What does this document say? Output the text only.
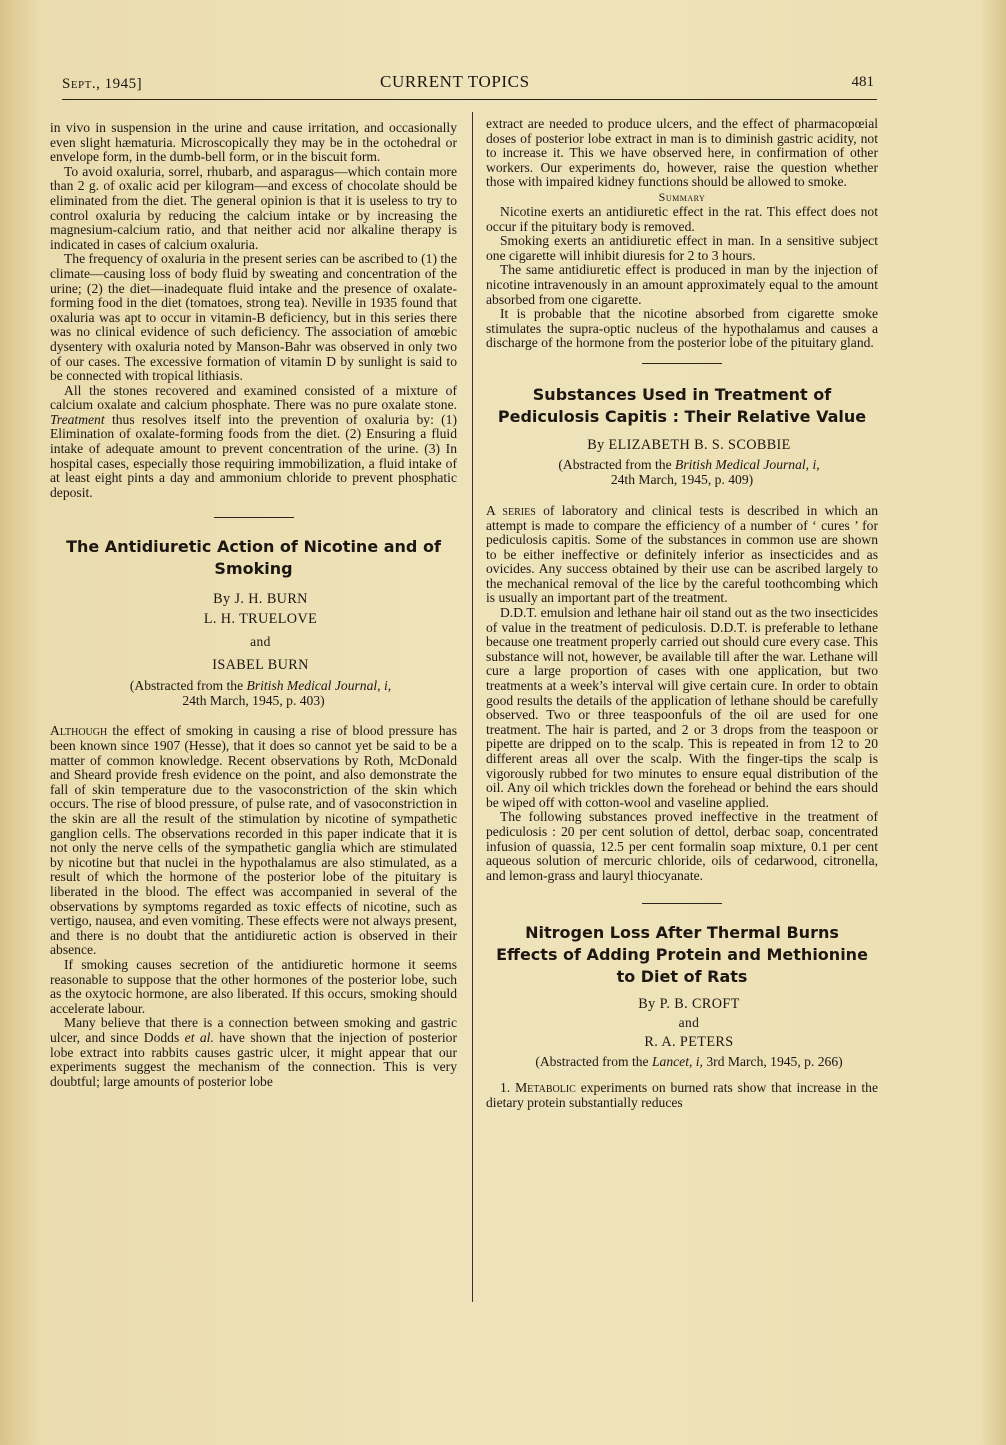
Sept., 1945]	CURRENT TOPICS	481

in vivo in suspension in the urine and cause irritation, and occasionally even slight hæmaturia. Microscopically they may be in the octohedral or envelope form, in the dumb-bell form, or in the biscuit form.

To avoid oxaluria, sorrel, rhubarb, and asparagus—which contain more than 2 g. of oxalic acid per kilogram—and excess of chocolate should be eliminated from the diet. The general opinion is that it is useless to try to control oxaluria by reducing the calcium intake or by increasing the magnesium-calcium ratio, and that neither acid nor alkaline therapy is indicated in cases of calcium oxaluria.

The frequency of oxaluria in the present series can be ascribed to (1) the climate—causing loss of body fluid by sweating and concentration of the urine; (2) the diet—inadequate fluid intake and the presence of oxalate-forming food in the diet (tomatoes, strong tea). Neville in 1935 found that oxaluria was apt to occur in vitamin-B deficiency, but in this series there was no clinical evidence of such deficiency. The association of amœbic dysentery with oxaluria noted by Manson-Bahr was observed in only two of our cases. The excessive formation of vitamin D by sunlight is said to be connected with tropical lithiasis.

All the stones recovered and examined consisted of a mixture of calcium oxalate and calcium phosphate. There was no pure oxalate stone. Treatment thus resolves itself into the prevention of oxaluria by: (1) Elimination of oxalate-forming foods from the diet. (2) Ensuring a fluid intake of adequate amount to prevent concentration of the urine. (3) In hospital cases, especially those requiring immobilization, a fluid intake of at least eight pints a day and ammonium chloride to prevent phosphatic deposit.

The Antidiuretic Action of Nicotine and of Smoking

By J. H. BURN

L. H. TRUELOVE

and

ISABEL BURN

(Abstracted from the British Medical Journal, i,
24th March, 1945, p. 403)

Although the effect of smoking in causing a rise of blood pressure has been known since 1907 (Hesse), that it does so cannot yet be said to be a matter of common knowledge. Recent observations by Roth, McDonald and Sheard provide fresh evidence on the point, and also demonstrate the fall of skin temperature due to the vasoconstriction of the skin which occurs. The rise of blood pressure, of pulse rate, and of vasoconstriction in the skin are all the result of the stimulation by nicotine of sympathetic ganglion cells. The observations recorded in this paper indicate that it is not only the nerve cells of the sympathetic ganglia which are stimulated by nicotine but that nuclei in the hypothalamus are also stimulated, as a result of which the hormone of the posterior lobe of the pituitary is liberated in the blood. The effect was accompanied in several of the observations by symptoms regarded as toxic effects of nicotine, such as vertigo, nausea, and even vomiting. These effects were not always present, and there is no doubt that the antidiuretic action is observed in their absence.

If smoking causes secretion of the antidiuretic hormone it seems reasonable to suppose that the other hormones of the posterior lobe, such as the oxytocic hormone, are also liberated. If this occurs, smoking should accelerate labour.

Many believe that there is a connection between smoking and gastric ulcer, and since Dodds et al. have shown that the injection of posterior lobe extract into rabbits causes gastric ulcer, it might appear that our experiments suggest the mechanism of the connection. This is very doubtful; large amounts of posterior lobe

extract are needed to produce ulcers, and the effect of pharmacopœial doses of posterior lobe extract in man is to diminish gastric acidity, not to increase it. This we have observed here, in confirmation of other workers. Our experiments do, however, raise the question whether those with impaired kidney functions should be allowed to smoke.

Summary

Nicotine exerts an antidiuretic effect in the rat. This effect does not occur if the pituitary body is removed.

Smoking exerts an antidiuretic effect in man. In a sensitive subject one cigarette will inhibit diuresis for 2 to 3 hours.

The same antidiuretic effect is produced in man by the injection of nicotine intravenously in an amount approximately equal to the amount absorbed from one cigarette.

It is probable that the nicotine absorbed from cigarette smoke stimulates the supra-optic nucleus of the hypothalamus and causes a discharge of the hormone from the posterior lobe of the pituitary gland.

Substances Used in Treatment of Pediculosis Capitis : Their Relative Value

By ELIZABETH B. S. SCOBBIE

(Abstracted from the British Medical Journal, i,
24th March, 1945, p. 409)

A series of laboratory and clinical tests is described in which an attempt is made to compare the efficiency of a number of ‘ cures ’ for pediculosis capitis. Some of the substances in common use are shown to be either ineffective or definitely inferior as insecticides and as ovicides. Any success obtained by their use can be ascribed largely to the mechanical removal of the lice by the careful toothcombing which is usually an important part of the treatment.

D.D.T. emulsion and lethane hair oil stand out as the two insecticides of value in the treatment of pediculosis. D.D.T. is preferable to lethane because one treatment properly carried out should cure every case. This substance will not, however, be available till after the war. Lethane will cure a large proportion of cases with one application, but two treatments at a week’s interval will give certain cure. In order to obtain good results the details of the application of lethane should be carefully observed. Two or three teaspoonfuls of the oil are used for one treatment. The hair is parted, and 2 or 3 drops from the teaspoon or pipette are dripped on to the scalp. This is repeated in from 12 to 20 different areas all over the scalp. With the finger-tips the scalp is vigorously rubbed for two minutes to ensure equal distribution of the oil. Any oil which trickles down the forehead or behind the ears should be wiped off with cotton-wool and vaseline applied.

The following substances proved ineffective in the treatment of pediculosis : 20 per cent solution of dettol, derbac soap, concentrated infusion of quassia, 12.5 per cent formalin soap mixture, 0.1 per cent aqueous solution of mercuric chloride, oils of cedarwood, citronella, and lemon-grass and lauryl thiocyanate.

Nitrogen Loss After Thermal Burns
Effects of Adding Protein and Methionine to Diet of Rats

By P. B. CROFT

and

R. A. PETERS

(Abstracted from the Lancet, i, 3rd March, 1945, p. 266)

1. Metabolic experiments on burned rats show that increase in the dietary protein substantially reduces
